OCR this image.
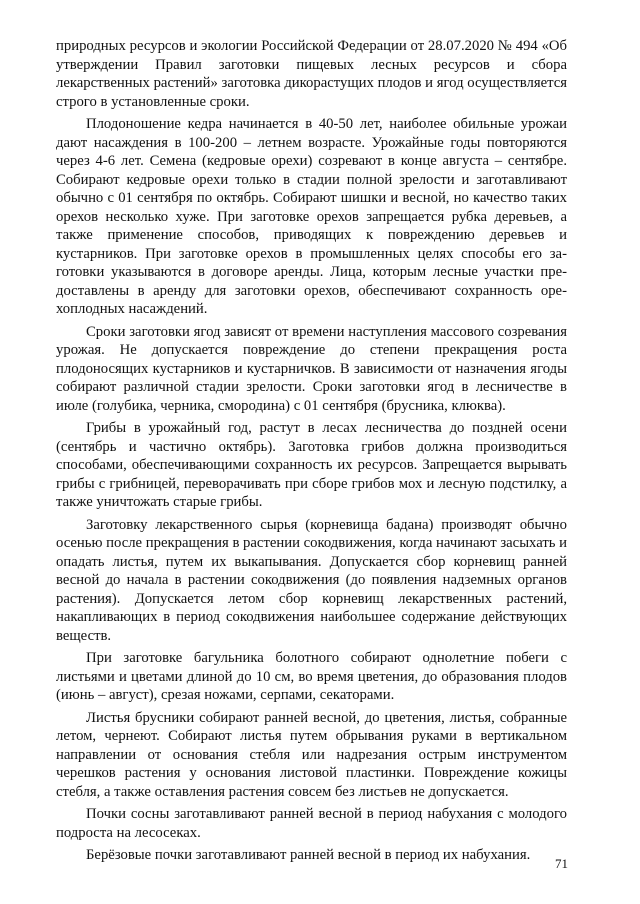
природных ресурсов и экологии Российской Федерации от 28.07.2020 № 494 «Об утверждении Правил заготовки пищевых лесных ресурсов и сбора лекарственных растений» заготовка дикорастущих плодов и ягод осуществляется строго в установленные сроки.

Плодоношение кедра начинается в 40-50 лет, наиболее обильные урожаи дают насаждения в 100-200 – летнем возрасте. Урожайные годы повторяются через 4-6 лет. Семена (кедровые орехи) созревают в конце августа – сентябре. Собирают кедровые орехи только в стадии полной зрелости и заготавливают обычно с 01 сентября по октябрь. Собирают шишки и весной, но качество таких орехов несколько хуже. При заготовке орехов запрещается рубка деревьев, а также применение способов, приводящих к повреждению деревьев и кустарников. При заготовке орехов в промышленных целях способы его заготовки указываются в договоре аренды. Лица, которым лесные участки предоставлены в аренду для заготовки орехов, обеспечивают сохранность орехоплодных насаждений.

Сроки заготовки ягод зависят от времени наступления массового созревания урожая. Не допускается повреждение до степени прекращения роста плодоносящих кустарников и кустарничков. В зависимости от назначения ягоды собирают различной стадии зрелости. Сроки заготовки ягод в лесничестве в июле (голубика, черника, смородина) с 01 сентября (брусника, клюква).

Грибы в урожайный год, растут в лесах лесничества до поздней осени (сентябрь и частично октябрь). Заготовка грибов должна производиться способами, обеспечивающими сохранность их ресурсов. Запрещается вырывать грибы с грибницей, переворачивать при сборе грибов мох и лесную подстилку, а также уничтожать старые грибы.

Заготовку лекарственного сырья (корневища бадана) производят обычно осенью после прекращения в растении сокодвижения, когда начинают засыхать и опадать листья, путем их выкапывания. Допускается сбор корневищ ранней весной до начала в растении сокодвижения (до появления надземных органов растения). Допускается летом сбор корневищ лекарственных растений, накапливающих в период сокодвижения наибольшее содержание действующих веществ.

При заготовке багульника болотного собирают однолетние побеги с листьями и цветами длиной до 10 см, во время цветения, до образования плодов (июнь – август), срезая ножами, серпами, секаторами.

Листья брусники собирают ранней весной, до цветения, листья, собранные летом, чернеют. Собирают листья путем обрывания руками в вертикальном направлении от основания стебля или надрезания острым инструментом черешков растения у основания листовой пластинки. Повреждение кожицы стебля, а также оставления растения совсем без листьев не допускается.

Почки сосны заготавливают ранней весной в период набухания с молодого подроста на лесосеках.

Берёзовые почки заготавливают ранней весной в период их набухания.

71
